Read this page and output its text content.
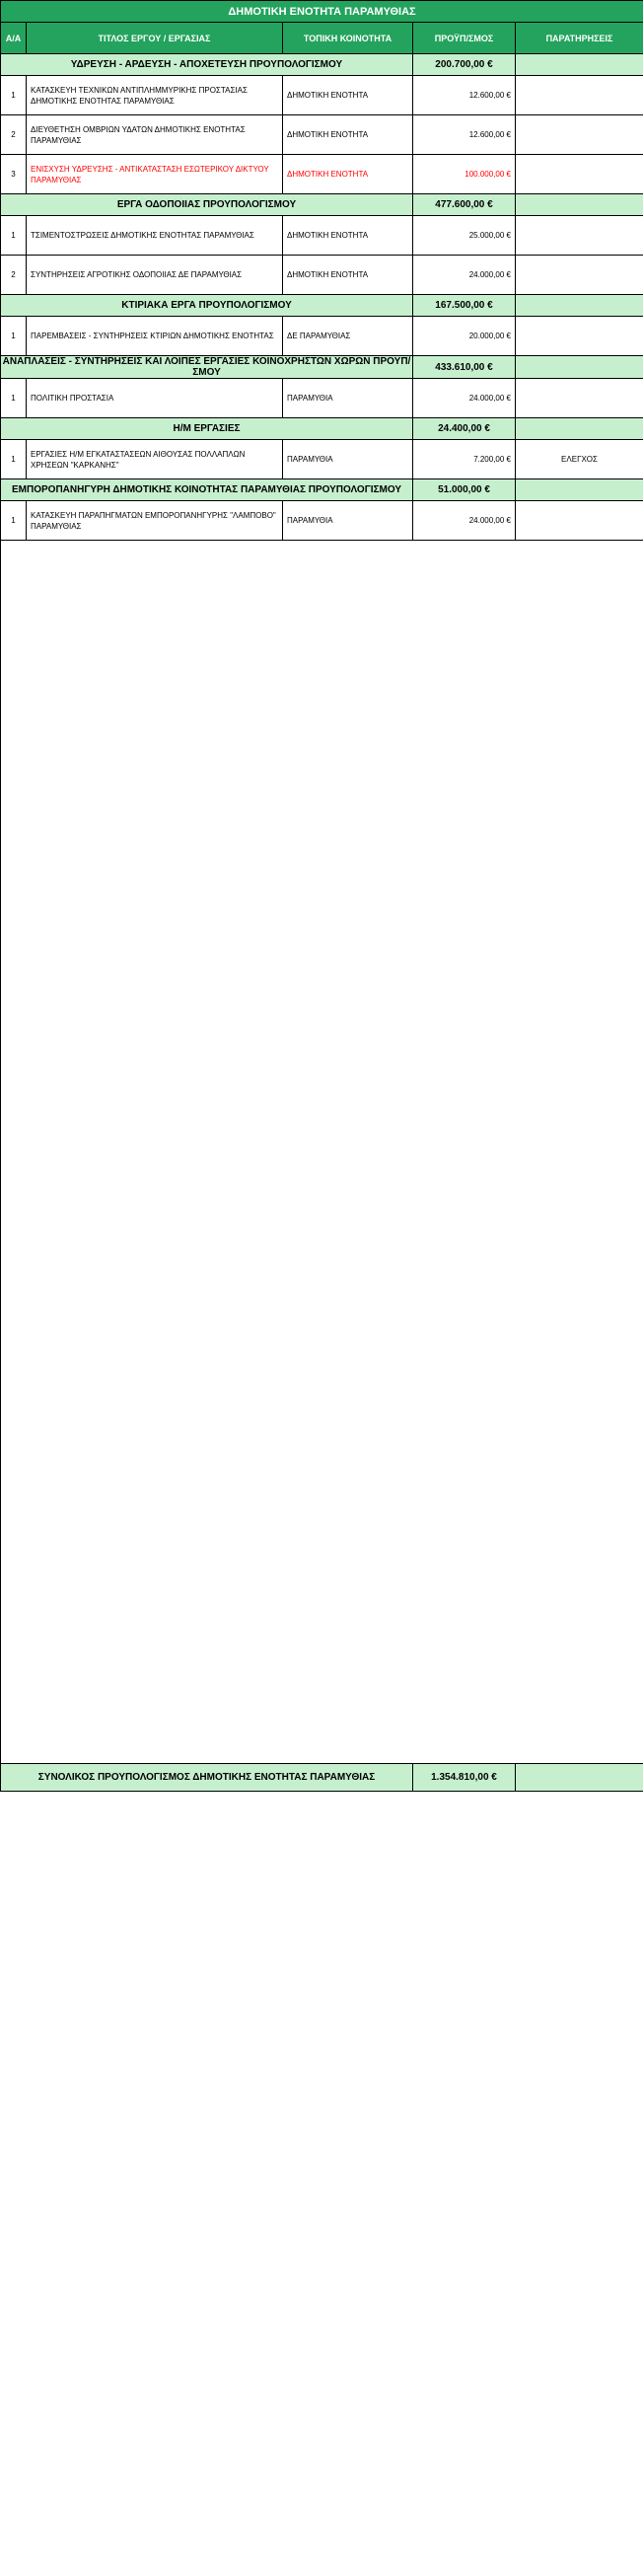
ΔΗΜΟΤΙΚΗ ΕΝΟΤΗΤΑ ΠΑΡΑΜΥΘΙΑΣ				
Α/Α	ΤΙΤΛΟΣ ΕΡΓΟΥ / ΕΡΓΑΣΙΑΣ	ΤΟΠΙΚΗ ΚΟΙΝΟΤΗΤΑ	ΠΡΟΫΠ/ΣΜΟΣ	ΠΑΡΑΤΗΡΗΣΕΙΣ
ΥΔΡΕΥΣΗ - ΑΡΔΕΥΣΗ - ΑΠΟΧΕΤΕΥΣΗ ΠΡΟΥΠΟΛΟΓΙΣΜΟΥ			200.700,00 €	
1	ΚΑΤΑΣΚΕΥΗ ΤΕΧΝΙΚΩΝ ΑΝΤΙΠΛΗΜΜΥΡΙΚΗΣ ΠΡΟΣΤΑΣΙΑΣ ΔΗΜΟΤΙΚΗΣ ΕΝΟΤΗΤΑΣ ΠΑΡΑΜΥΘΙΑΣ	ΔΗΜΟΤΙΚΗ ΕΝΟΤΗΤΑ	12.600,00 €	
2	ΔΙΕΥΘΕΤΗΣΗ ΟΜΒΡΙΩΝ ΥΔΑΤΩΝ ΔΗΜΟΤΙΚΗΣ ΕΝΟΤΗΤΑΣ ΠΑΡΑΜΥΘΙΑΣ	ΔΗΜΟΤΙΚΗ ΕΝΟΤΗΤΑ	12.600,00 €	
3	ΕΝΙΣΧΥΣΗ ΥΔΡΕΥΣΗΣ - ΑΝΤΙΚΑΤΑΣΤΑΣΗ ΕΣΩΤΕΡΙΚΟΥ ΔΙΚΤΥΟΥ ΠΑΡΑΜΥΘΙΑΣ	ΔΗΜΟΤΙΚΗ ΕΝΟΤΗΤΑ	100.000,00 €	
ΕΡΓΑ ΟΔΟΠΟΙΙΑΣ ΠΡΟΥΠΟΛΟΓΙΣΜΟΥ			477.600,00 €	
1	ΤΣΙΜΕΝΤΟΣΤΡΩΣΕΙΣ ΔΗΜΟΤΙΚΗΣ ΕΝΟΤΗΤΑΣ ΠΑΡΑΜΥΘΙΑΣ	ΔΗΜΟΤΙΚΗ ΕΝΟΤΗΤΑ	25.000,00 €	
2	ΣΥΝΤΗΡΗΣΕΙΣ ΑΓΡΟΤΙΚΗΣ ΟΔΟΠΟΙΙΑΣ ΔΕ ΠΑΡΑΜΥΘΙΑΣ	ΔΗΜΟΤΙΚΗ ΕΝΟΤΗΤΑ	24.000,00 €	
ΚΤΙΡΙΑΚΑ ΕΡΓΑ ΠΡΟΥΠΟΛΟΓΙΣΜΟΥ			167.500,00 €	
1	ΠΑΡΕΜΒΑΣΕΙΣ - ΣΥΝΤΗΡΗΣΕΙΣ ΚΤΙΡΙΩΝ ΔΗΜΟΤΙΚΗΣ ΕΝΟΤΗΤΑΣ	ΔΕ ΠΑΡΑΜΥΘΙΑΣ	20.000,00 €	
ΑΝΑΠΛΑΣΕΙΣ - ΣΥΝΤΗΡΗΣΕΙΣ ΚΑΙ ΛΟΙΠΕΣ ΕΡΓΑΣΙΕΣ ΚΟΙΝΟΧΡΗΣΤΩΝ ΧΩΡΩΝ ΠΡΟΥΠ/ΣΜΟΥ			433.610,00 €	
1	ΠΟΛΙΤΙΚΗ ΠΡΟΣΤΑΣΙΑ	ΠΑΡΑΜΥΘΙΑ	24.000,00 €	
Η/Μ ΕΡΓΑΣΙΕΣ			24.400,00 €	
1	ΕΡΓΑΣΙΕΣ Η/Μ ΕΓΚΑΤΑΣΤΑΣΕΩΝ ΑΙΘΟΥΣΑΣ ΠΟΛΛΑΠΛΩΝ ΧΡΗΣΕΩΝ "ΚΑΡΚΑΝΗΣ"	ΠΑΡΑΜΥΘΙΑ	7.200,00 €	ΕΛΕΓΧΟΣ
ΕΜΠΟΡΟΠΑΝΗΓΥΡΗ ΔΗΜΟΤΙΚΗΣ ΚΟΙΝΟΤΗΤΑΣ ΠΑΡΑΜΥΘΙΑΣ ΠΡΟΥΠΟΛΟΓΙΣΜΟΥ			51.000,00 €	
1	ΚΑΤΑΣΚΕΥΗ ΠΑΡΑΠΗΓΜΑΤΩΝ ΕΜΠΟΡΟΠΑΝΗΓΥΡΗΣ "ΛΑΜΠΟΒΟ" ΠΑΡΑΜΥΘΙΑΣ	ΠΑΡΑΜΥΘΙΑ	24.000,00 €	

ΣΥΝΟΛΙΚΟΣ ΠΡΟΥΠΟΛΟΓΙΣΜΟΣ ΔΗΜΟΤΙΚΗΣ ΕΝΟΤΗΤΑΣ ΠΑΡΑΜΥΘΙΑΣ			1.354.810,00 €	
